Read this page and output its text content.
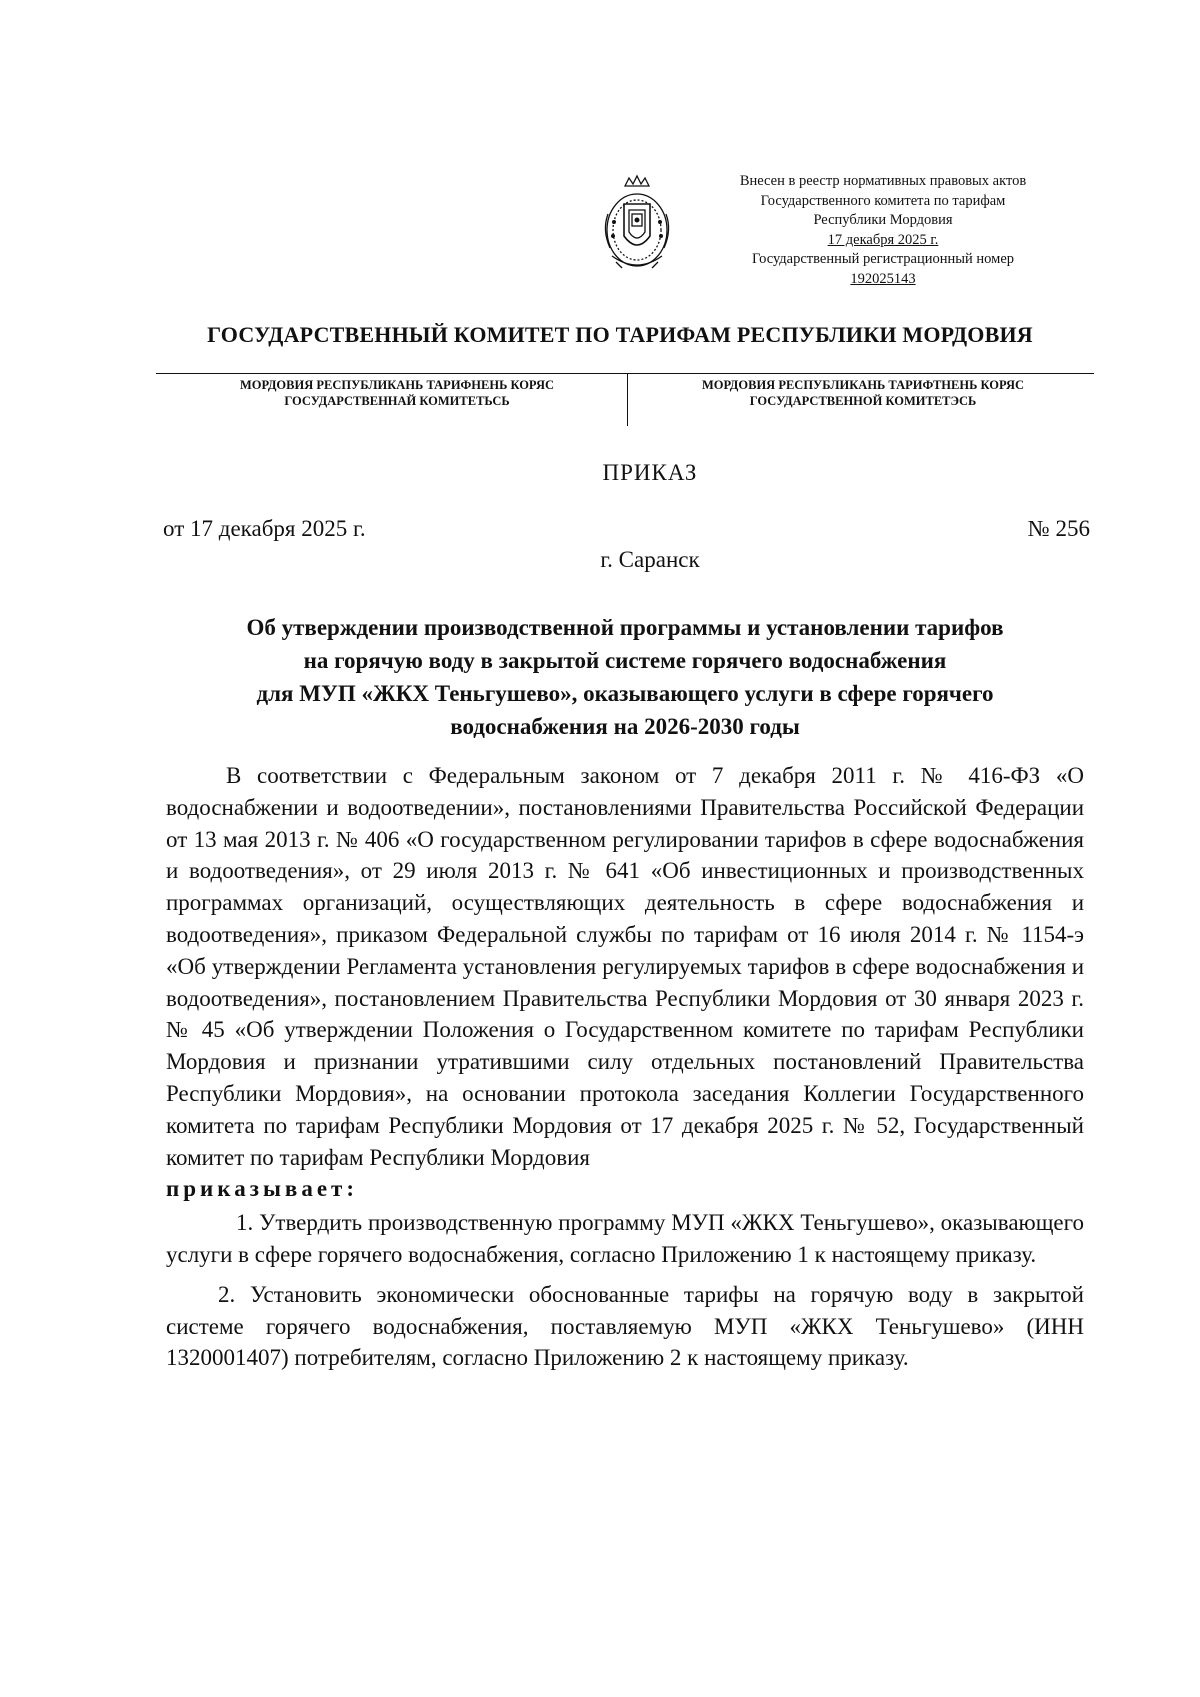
Внесен в реестр нормативных правовых актов
Государственного комитета по тарифам
Республики Мордовия
17 декабря 2025 г.
Государственный регистрационный номер
192025143
ГОСУДАРСТВЕННЫЙ КОМИТЕТ ПО ТАРИФАМ РЕСПУБЛИКИ МОРДОВИЯ
МОРДОВИЯ РЕСПУБЛИКАНЬ ТАРИФНЕНЬ КОРЯС
ГОСУДАРСТВЕННАЙ КОМИТЕТЬСЬ
МОРДОВИЯ РЕСПУБЛИКАНЬ ТАРИФТНЕНЬ КОРЯС
ГОСУДАРСТВЕННОЙ КОМИТЕТЭСЬ
ПРИКАЗ
от 17 декабря 2025 г.	№ 256
г. Саранск
Об утверждении производственной программы и установлении тарифов
на горячую воду в закрытой системе горячего водоснабжения
для МУП «ЖКХ Теньгушево», оказывающего услуги в сфере горячего
водоснабжения на 2026-2030 годы

В соответствии с Федеральным законом от 7 декабря 2011 г. № 416-ФЗ «О водоснабжении и водоотведении», постановлениями Правительства Российской Федерации от 13 мая 2013 г. № 406 «О государственном регулировании тарифов в сфере водоснабжения и водоотведения», от 29 июля 2013 г. № 641 «Об инвестиционных и производственных программах организаций, осуществляющих деятельность в сфере водоснабжения и водоотведения», приказом Федеральной службы по тарифам от 16 июля 2014 г. № 1154-э «Об утверждении Регламента установления регулируемых тарифов в сфере водоснабжения и водоотведения», постановлением Правительства Республики Мордовия от 30 января 2023 г. № 45 «Об утверждении Положения о Государственном комитете по тарифам Республики Мордовия и признании утратившими силу отдельных постановлений Правительства Республики Мордовия», на основании протокола заседания Коллегии Государственного комитета по тарифам Республики Мордовия от 17 декабря 2025 г. № 52, Государственный комитет по тарифам Республики Мордовия

приказывает:

1. Утвердить производственную программу МУП «ЖКХ Теньгушево», оказывающего услуги в сфере горячего водоснабжения, согласно Приложению 1 к настоящему приказу.

2. Установить экономически обоснованные тарифы на горячую воду в закрытой системе горячего водоснабжения, поставляемую МУП «ЖКХ Теньгушево» (ИНН 1320001407) потребителям, согласно Приложению 2 к настоящему приказу.
